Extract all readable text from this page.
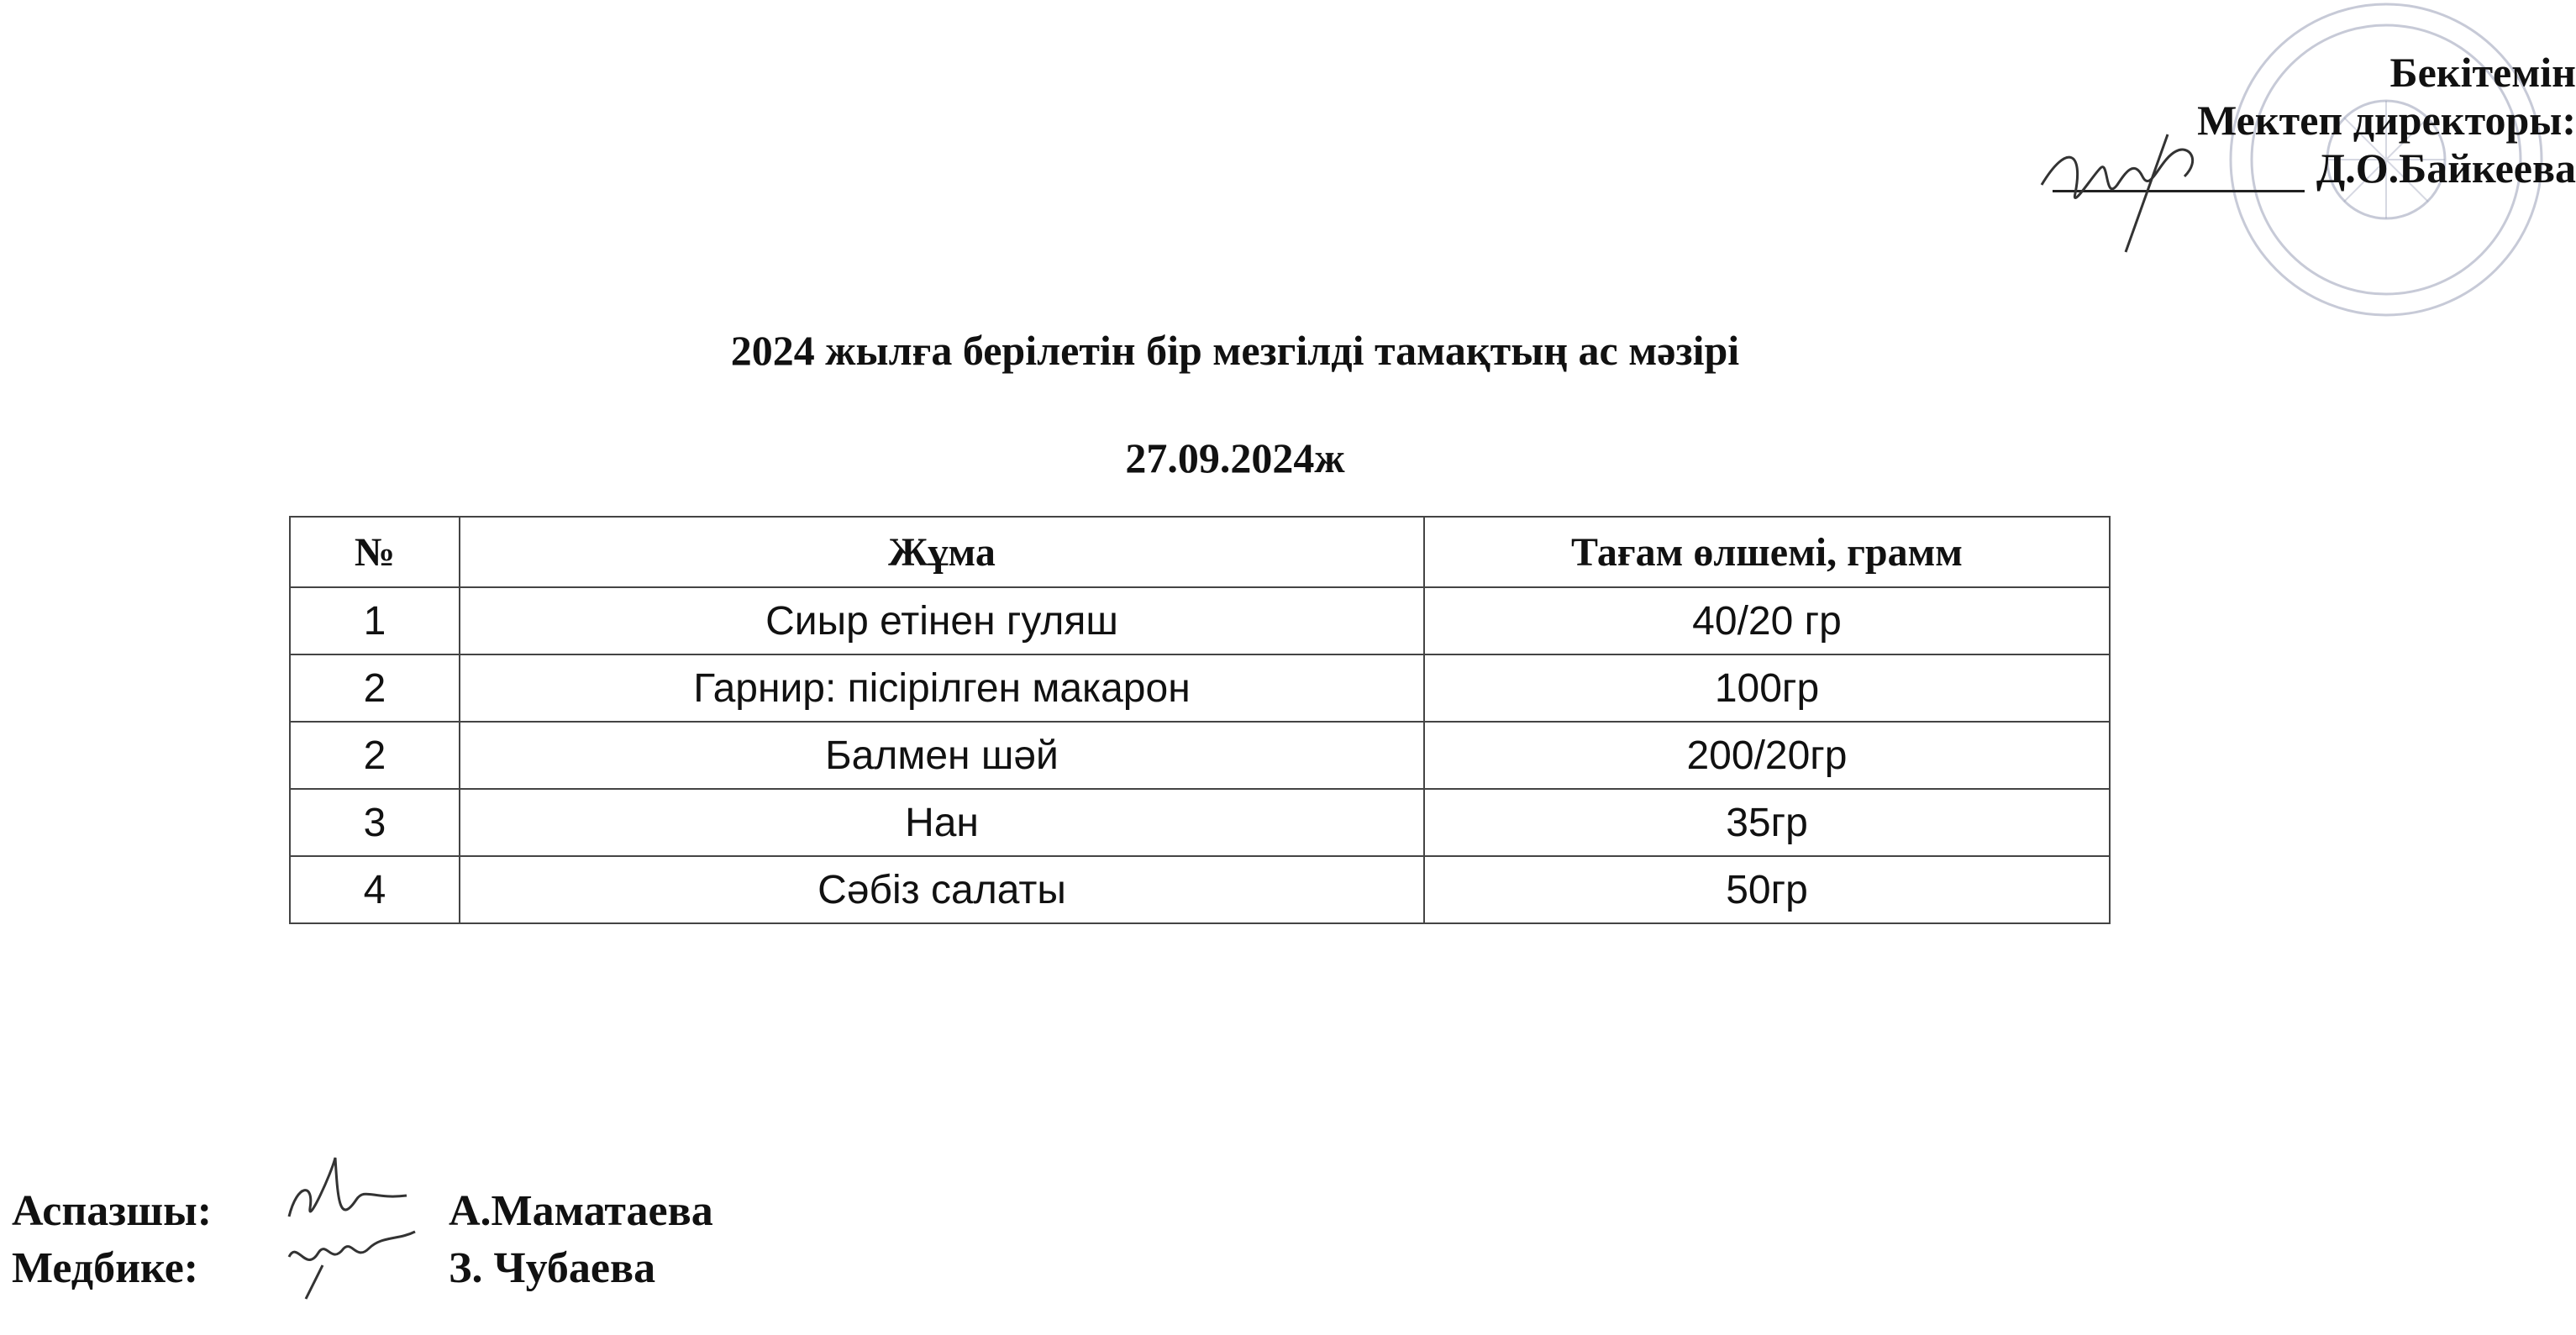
Бекітемін
Мектеп директоры:
Д.О.Байкеева
2024 жылға берілетін бір мезгілді тамақтың ас мәзірі
27.09.2024ж
№	Жұма	Тағам өлшемі, грамм
1	Сиыр етінен гуляш	40/20 гр
2	Гарнир: пісірілген макарон	100гр
2	Балмен шәй	200/20гр
3	Нан	35гр
4	Сәбіз салаты	50гр
Аспазшы:	А.Маматаева
Медбике:	З. Чубаева
